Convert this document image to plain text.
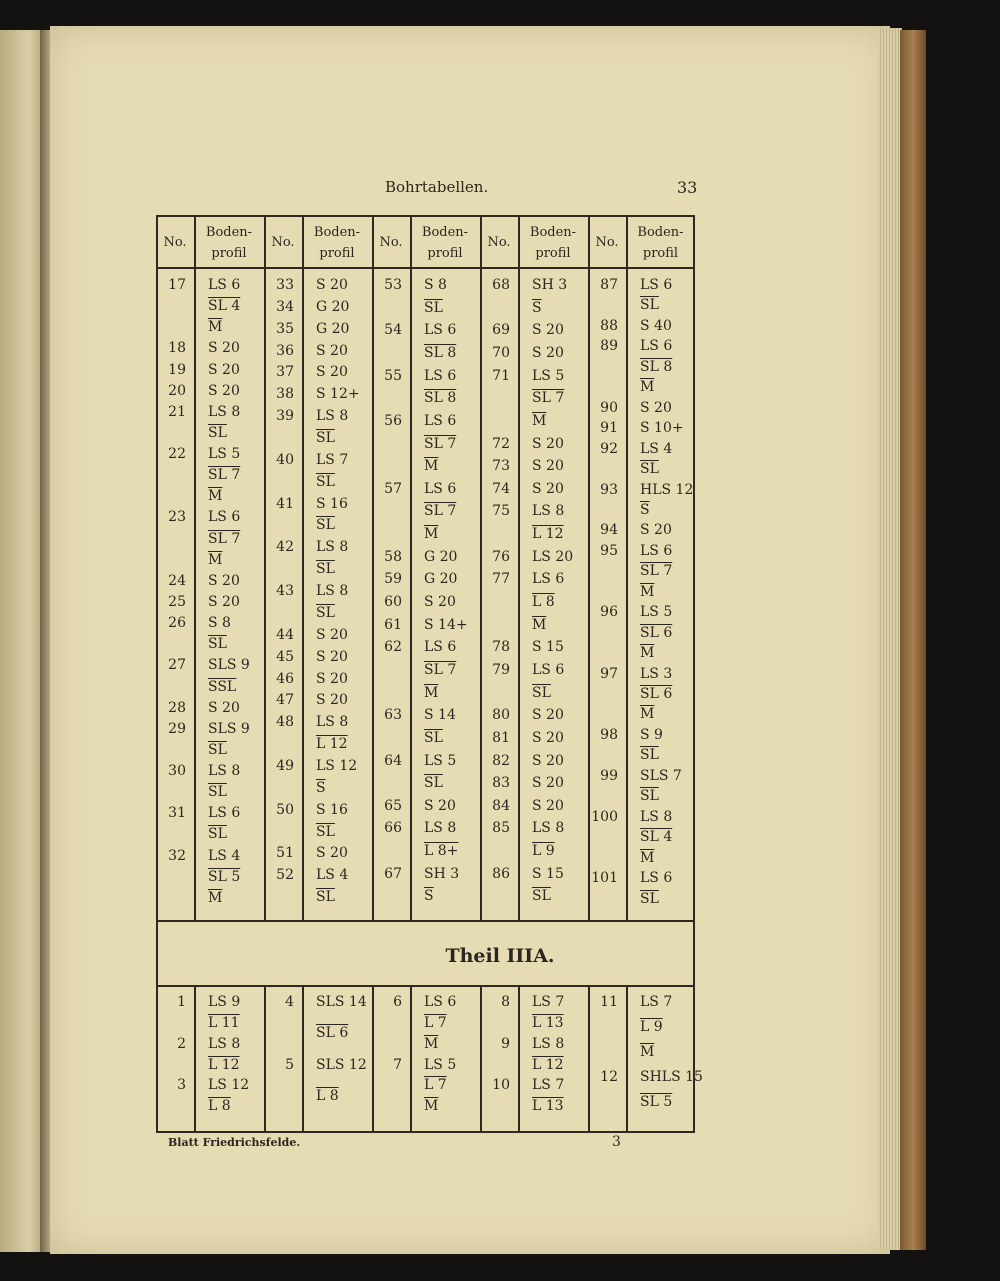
Bohrtabellen.	33
No.
Boden-
profil
No.
Boden-
profil
No.
Boden-
profil
No.
Boden-
profil
No.
Boden-
profil
17 LS 6
SL 4
$\overline{M}$
18 S 20
19 S 20
20 S 20
21 LS 8
$\overline{SL}$
22 LS 5
SL 7
$\overline{M}$
23 LS 6
SL 7
$\overline{M}$
24 S 20
25 S 20
26 S 8
$\overline{SL}$
27 SLS 9
$\overline{SSL}$
28 S 20
29 SLS 9
$\overline{SL}$
30 LS 8
$\overline{SL}$
31 LS 6
$\overline{SL}$
32 LS 4
SL 5
$\overline{M}$
33 S 20
34 G 20
35 G 20
36 S 20
37 S 20
38 S 12+
39 LS 8
$\overline{SL}$
40 LS 7
$\overline{SL}$
41 S 16
$\overline{SL}$
42 LS 8
$\overline{SL}$
43 LS 8
$\overline{SL}$
44 S 20
45 S 20
46 S 20
47 S 20
48 LS 8
L 12
49 LS 12
$\overline{S}$
50 S 16
$\overline{SL}$
51 S 20
52 LS 4
$\overline{SL}$
53 S 8
$\overline{SL}$
54 LS 6
SL 8
55 LS 6
SL 8
56 LS 6
SL 7
$\overline{M}$
57 LS 6
SL 7
$\overline{M}$
58 G 20
59 G 20
60 S 20
61 S 14+
62 LS 6
SL 7
$\overline{M}$
63 S 14
$\overline{SL}$
64 LS 5
$\overline{SL}$
65 S 20
66 LS 8
L 8+
67 SH 3
$\overline{S}$
68 SH 3
$\overline{S}$
69 S 20
70 S 20
71 LS 5
SL 7
$\overline{M}$
72 S 20
73 S 20
74 S 20
75 LS 8
L 12
76 LS 20
77 LS 6
L 8
$\overline{M}$
78 S 15
79 LS 6
$\overline{SL}$
80 S 20
81 S 20
82 S 20
83 S 20
84 S 20
85 LS 8
L 9
86 S 15
$\overline{SL}$
87 LS 6
$\overline{SL}$
88 S 40
89 LS 6
SL 8
$\overline{M}$
90 S 20
91 S 10+
92 LS 4
$\overline{SL}$
93 HLS 12
$\overline{S}$
94 S 20
95 LS 6
SL 7
$\overline{M}$
96 LS 5
SL 6
$\overline{M}$
97 LS 3
SL 6
$\overline{M}$
98 S 9
$\overline{SL}$
99 SLS 7
$\overline{SL}$
100 LS 8
SL 4
$\overline{M}$
101 LS 6
$\overline{SL}$
1 LS 9
L 11
2 LS 8
L 12
3 LS 12
L 8
4 SLS 14
SL 6
5 SLS 12
L 8
6 LS 6
L 7
$\overline{M}$
7 LS 5
L 7
$\overline{M}$
8 LS 7
L 13
9 LS 8
L 12
10 LS 7
L 13
11 LS 7
L 9
$\overline{M}$
12 SHLS 15
SL 5
Theil IIIA.
Blatt Friedrichsfelde.	3
